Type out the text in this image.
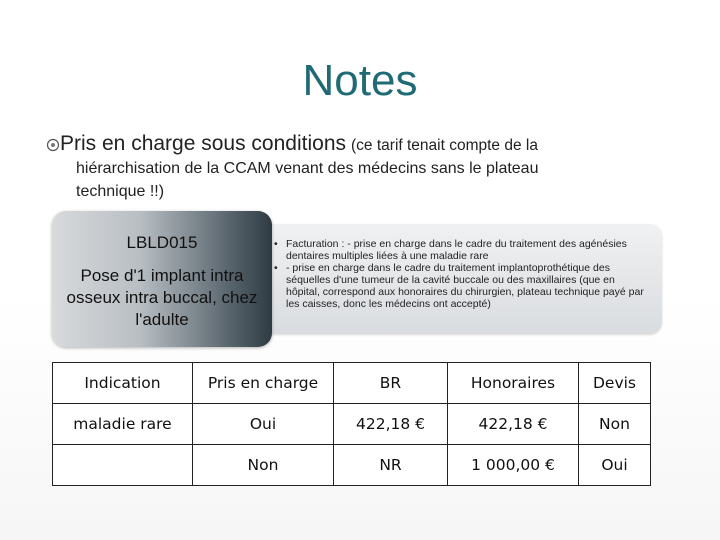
Notes
Pris en charge sous conditions (ce tarif tenait compte de la
hiérarchisation de la CCAM venant des médecins sans le plateau
technique !!)
• Facturation : - prise en charge dans le cadre du traitement des agénésies dentaires multiples liées à une maladie rare
• - prise en charge dans le cadre du traitement implantoprothétique des séquelles d'une tumeur de la cavité buccale ou des maxillaires (que en hôpital, correspond aux honoraires du chirurgien, plateau technique payé par les caisses, donc les médecins ont accepté)
LBLD015
Pose d'1 implant intra osseux intra buccal, chez l'adulte
Indication	Pris en charge	BR	Honoraires	Devis
maladie rare	Oui	422,18 €	422,18 €	Non
	Non	NR	1 000,00 €	Oui
